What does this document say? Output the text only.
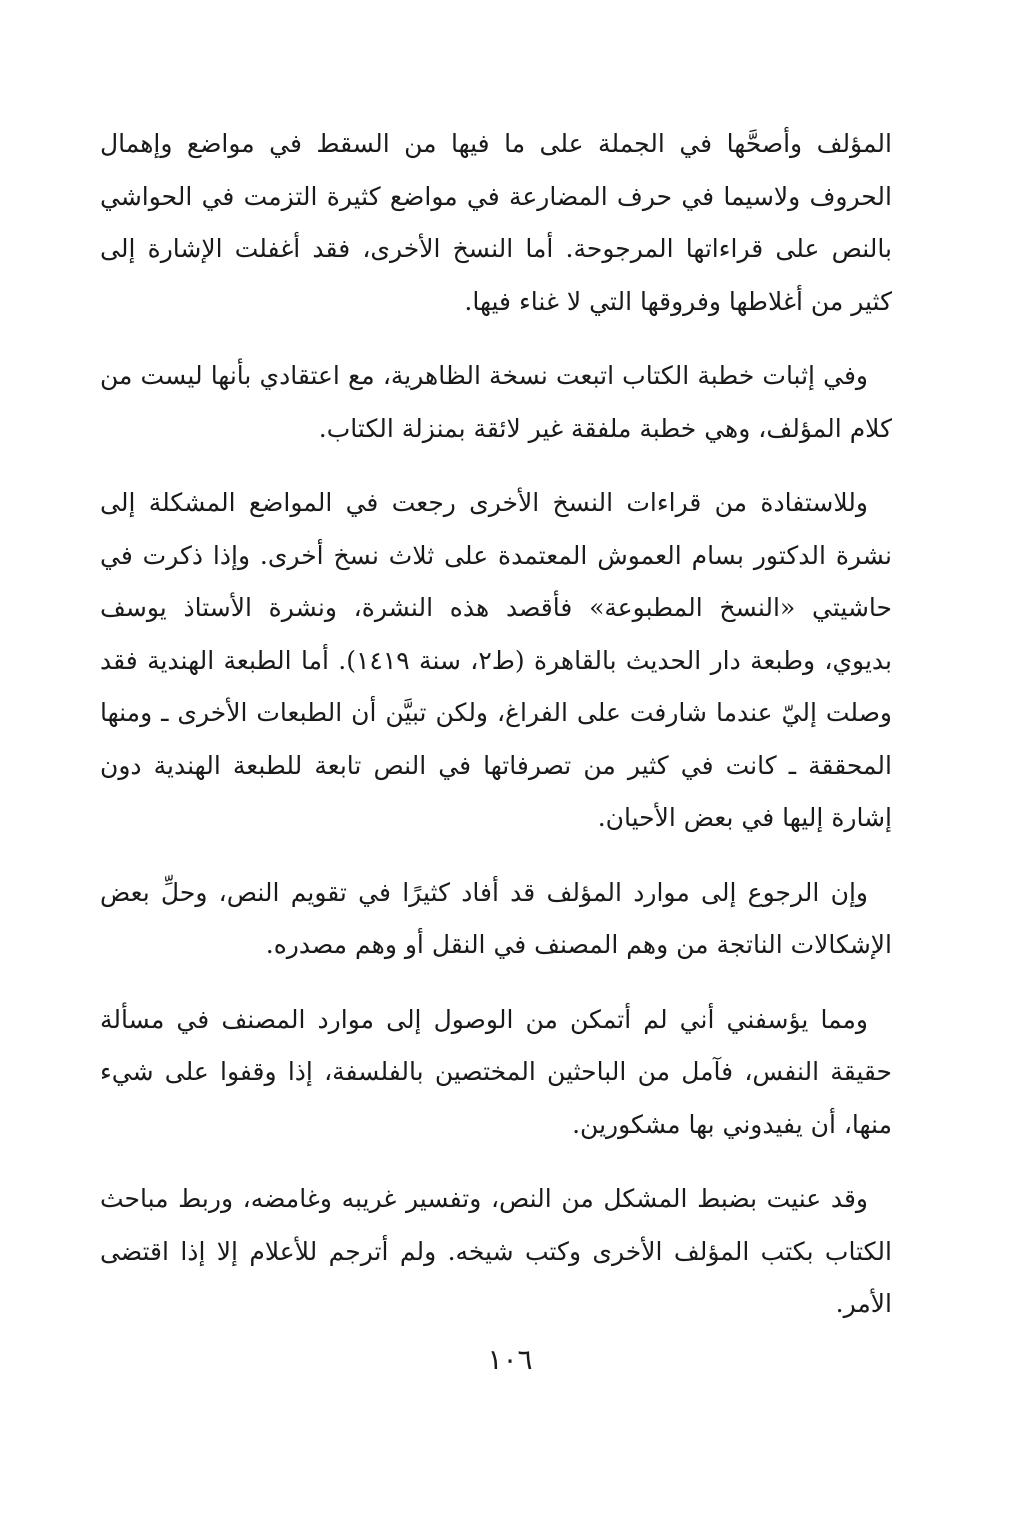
المؤلف وأصحَّها في الجملة على ما فيها من السقط في مواضع وإهمال الحروف ولاسيما في حرف المضارعة في مواضع كثيرة التزمت في الحواشي بالنص على قراءاتها المرجوحة. أما النسخ الأخرى، فقد أغفلت الإشارة إلى كثير من أغلاطها وفروقها التي لا غناء فيها.

وفي إثبات خطبة الكتاب اتبعت نسخة الظاهرية، مع اعتقادي بأنها ليست من كلام المؤلف، وهي خطبة ملفقة غير لائقة بمنزلة الكتاب.

وللاستفادة من قراءات النسخ الأخرى رجعت في المواضع المشكلة إلى نشرة الدكتور بسام العموش المعتمدة على ثلاث نسخ أخرى. وإذا ذكرت في حاشيتي «النسخ المطبوعة» فأقصد هذه النشرة، ونشرة الأستاذ يوسف بديوي، وطبعة دار الحديث بالقاهرة (ط٢، سنة ١٤١٩). أما الطبعة الهندية فقد وصلت إليّ عندما شارفت على الفراغ، ولكن تبيَّن أن الطبعات الأخرى ـ ومنها المحققة ـ كانت في كثير من تصرفاتها في النص تابعة للطبعة الهندية دون إشارة إليها في بعض الأحيان.

وإن الرجوع إلى موارد المؤلف قد أفاد كثيرًا في تقويم النص، وحلِّ بعض الإشكالات الناتجة من وهم المصنف في النقل أو وهم مصدره.

ومما يؤسفني أني لم أتمكن من الوصول إلى موارد المصنف في مسألة حقيقة النفس، فآمل من الباحثين المختصين بالفلسفة، إذا وقفوا على شيء منها، أن يفيدوني بها مشكورين.

وقد عنيت بضبط المشكل من النص، وتفسير غريبه وغامضه، وربط مباحث الكتاب بكتب المؤلف الأخرى وكتب شيخه. ولم أترجم للأعلام إلا إذا اقتضى الأمر.

١٠٦
